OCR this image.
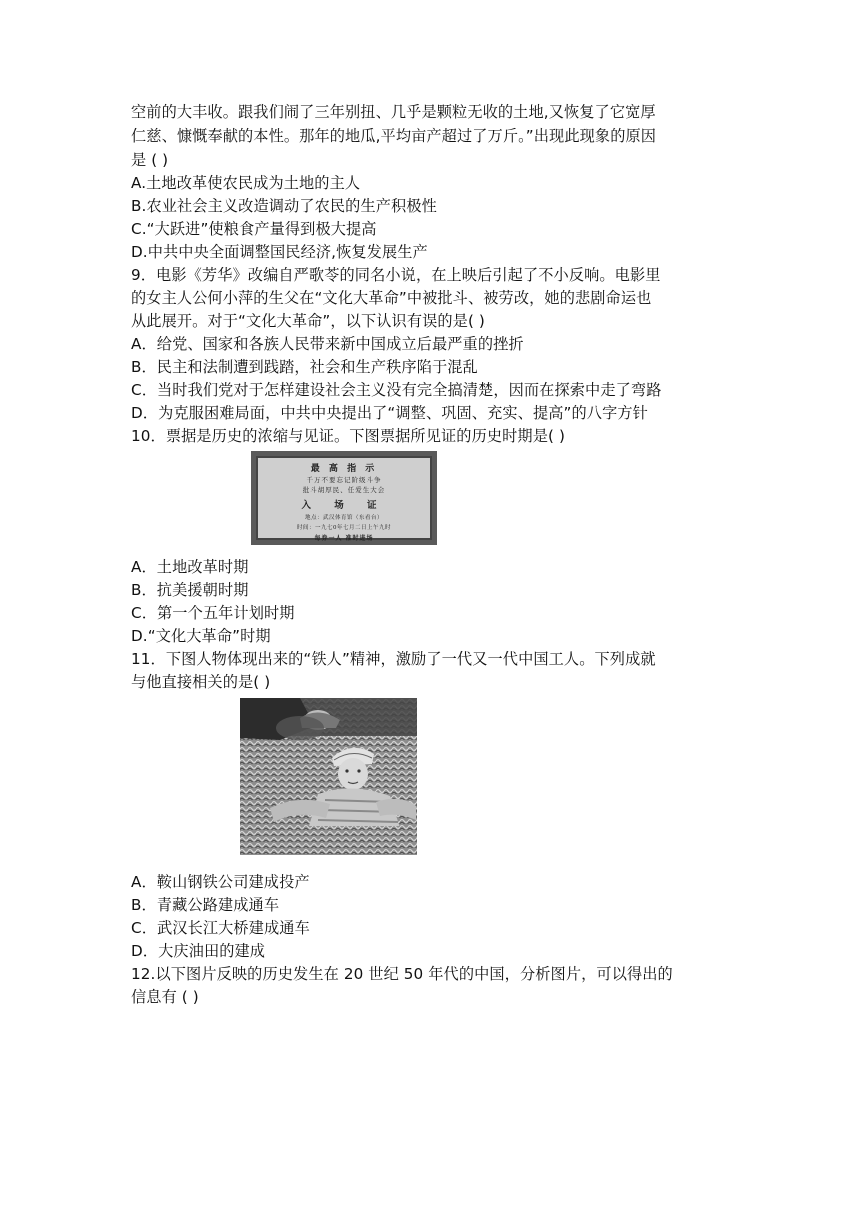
空前的大丰收。跟我们闹了三年别扭、几乎是颗粒无收的土地,又恢复了它宽厚
仁慈、慷慨奉献的本性。那年的地瓜,平均亩产超过了万斤。”出现此现象的原因
是 ( )
A.土地改革使农民成为土地的主人
B.农业社会主义改造调动了农民的生产积极性
C.“大跃进”使粮食产量得到极大提高
D.中共中央全面调整国民经济,恢复发展生产
9．电影《芳华》改编自严歌苓的同名小说，在上映后引起了不小反响。电影里
的女主人公何小萍的生父在“文化大革命”中被批斗、被劳改，她的悲剧命运也
从此展开。对于“文化大革命”，以下认识有误的是( )
A．给党、国家和各族人民带来新中国成立后最严重的挫折
B．民主和法制遭到践踏，社会和生产秩序陷于混乱
C．当时我们党对于怎样建设社会主义没有完全搞清楚，因而在探索中走了弯路
D．为克服困难局面，中共中央提出了“调整、巩固、充实、提高”的八字方针
10．票据是历史的浓缩与见证。下图票据所见证的历史时期是( )
最 高 指 示
千万不要忘记阶级斗争
批斗胡厚民、任爱生大会
入 场 证
地点：武汉体育馆（东看台）
时间：一九七0年七月二日上午九时
每券一人 准时进场
A．土地改革时期
B．抗美援朝时期
C．第一个五年计划时期
D.“文化大革命”时期
11．下图人物体现出来的“铁人”精神，激励了一代又一代中国工人。下列成就
与他直接相关的是( )
A．鞍山钢铁公司建成投产
B．青藏公路建成通车
C．武汉长江大桥建成通车
D．大庆油田的建成
12.以下图片反映的历史发生在 20 世纪 50 年代的中国，分析图片，可以得出的
信息有 ( )
